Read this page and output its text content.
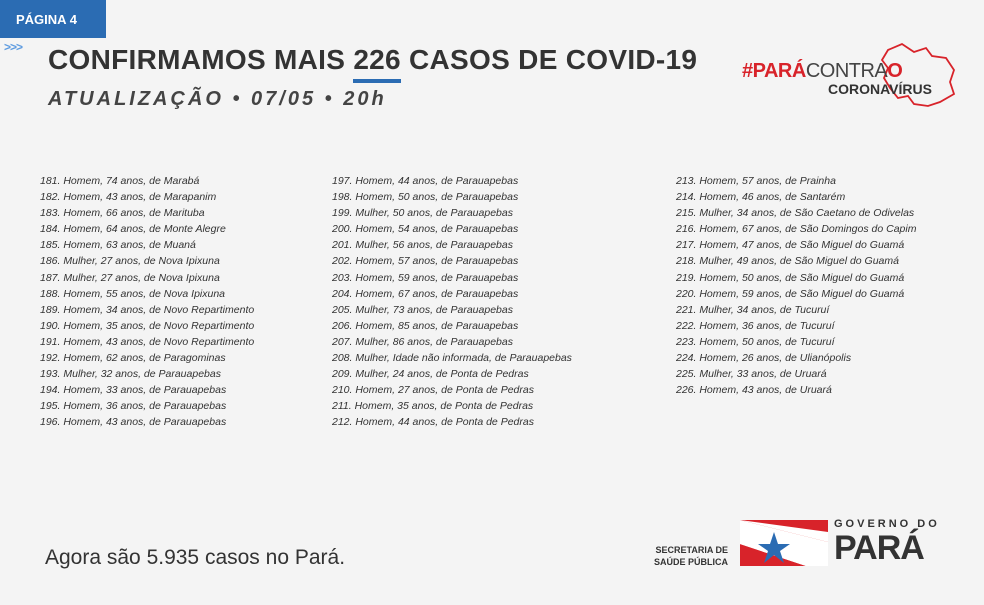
PÁGINA 4
>>> CONFIRMAMOS MAIS 226 CASOS DE COVID-19
ATUALIZAÇÃO • 07/05 • 20h
#PARÁCONTRAO
CORONAVÍRUS
181. Homem, 74 anos, de Marabá
182. Homem, 43 anos, de Marapanim
183. Homem, 66 anos, de Marituba
184. Homem, 64 anos, de Monte Alegre
185. Homem, 63 anos, de Muaná
186. Mulher, 27 anos, de Nova Ipixuna
187. Mulher, 27 anos, de Nova Ipixuna
188. Homem, 55 anos, de Nova Ipixuna
189. Homem, 34 anos, de Novo Repartimento
190. Homem, 35 anos, de Novo Repartimento
191. Homem, 43 anos, de Novo Repartimento
192. Homem, 62 anos, de Paragominas
193. Mulher, 32 anos, de Parauapebas
194. Homem, 33 anos, de Parauapebas
195. Homem, 36 anos, de Parauapebas
196. Homem, 43 anos, de Parauapebas
197. Homem, 44 anos, de Parauapebas
198. Homem, 50 anos, de Parauapebas
199. Mulher, 50 anos, de Parauapebas
200. Homem, 54 anos, de Parauapebas
201. Mulher, 56 anos, de Parauapebas
202. Homem, 57 anos, de Parauapebas
203. Homem, 59 anos, de Parauapebas
204. Homem, 67 anos, de Parauapebas
205. Mulher, 73 anos, de Parauapebas
206. Homem, 85 anos, de Parauapebas
207. Mulher, 86 anos, de Parauapebas
208. Mulher, Idade não informada, de Parauapebas
209. Mulher, 24 anos, de Ponta de Pedras
210. Homem, 27 anos, de Ponta de Pedras
211. Homem, 35 anos, de Ponta de Pedras
212. Homem, 44 anos, de Ponta de Pedras
213. Homem, 57 anos, de Prainha
214. Homem, 46 anos, de Santarém
215. Mulher, 34 anos, de São Caetano de Odivelas
216. Homem, 67 anos, de São Domingos do Capim
217. Homem, 47 anos, de São Miguel do Guamá
218. Mulher, 49 anos, de São Miguel do Guamá
219. Homem, 50 anos, de São Miguel do Guamá
220. Homem, 59 anos, de São Miguel do Guamá
221. Mulher, 34 anos, de Tucuruí
222. Homem, 36 anos, de Tucuruí
223. Homem, 50 anos, de Tucuruí
224. Homem, 26 anos, de Ulianópolis
225. Mulher, 33 anos, de Uruará
226. Homem, 43 anos, de Uruará
Agora são 5.935 casos no Pará.	SECRETARIA DE
SAÚDE PÚBLICA
GOVERNO DO
PARÁ
